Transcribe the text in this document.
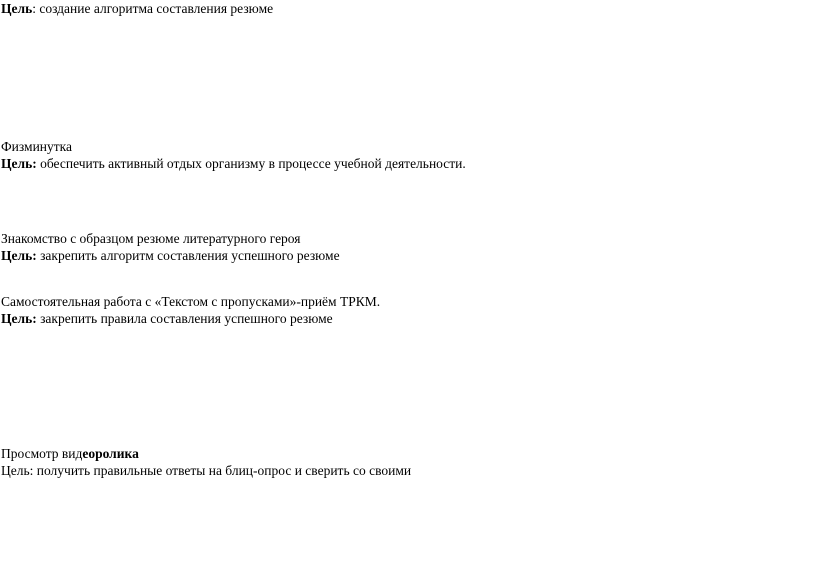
Цель: создание алгоритма составления резюме
Физминутка
Цель: обеспечить активный отдых организму в процессе учебной деятельности.
Знакомство с образцом резюме литературного героя
Цель: закрепить алгоритм составления успешного резюме
Самостоятельная работа с «Текстом с пропусками»-приём ТРКМ.
Цель: закрепить правила составления успешного резюме
Просмотр видеоролика
Цель: получить правильные ответы на блиц-опрос и сверить со своими
